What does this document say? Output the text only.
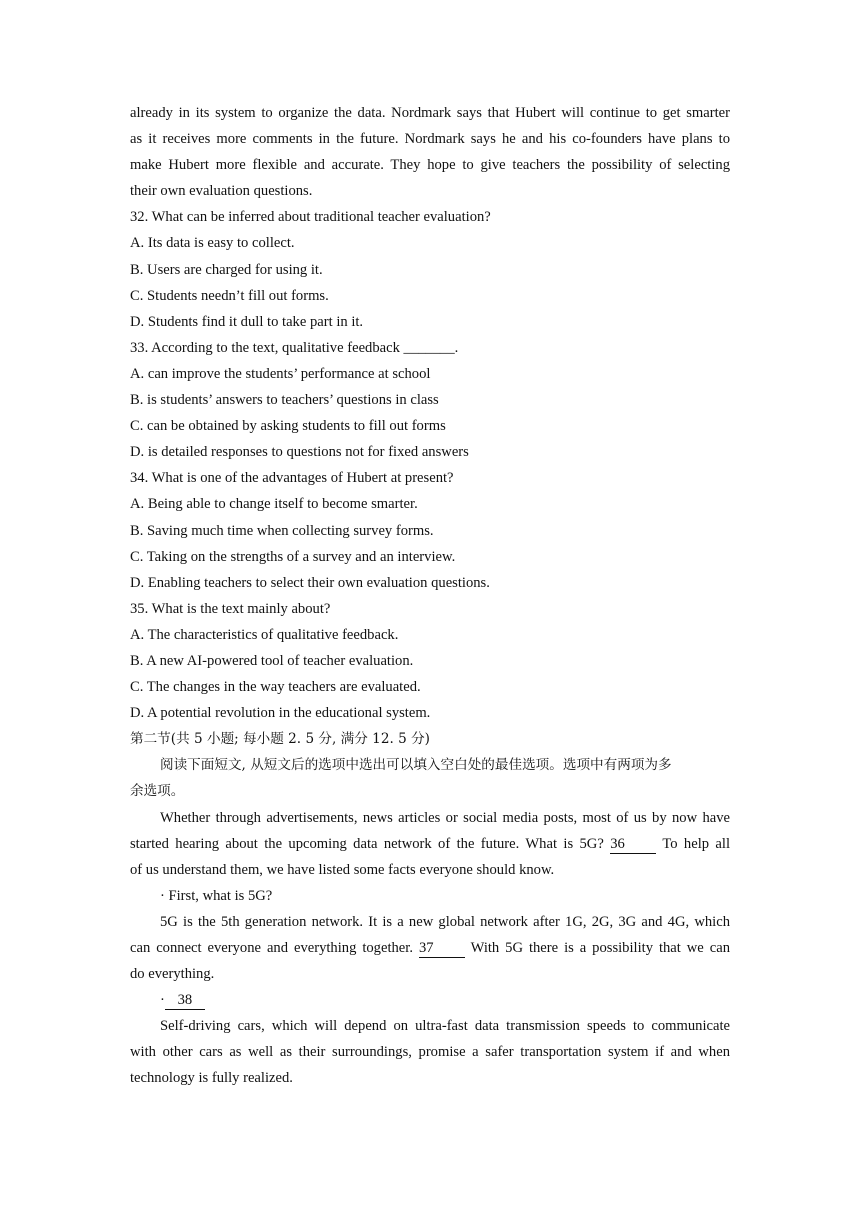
already in its system to organize the data. Nordmark says that Hubert will continue to get smarter
as it receives more comments in the future. Nordmark says he and his co-founders have plans to
make Hubert more flexible and accurate. They hope to give teachers the possibility of selecting
their own evaluation questions.
32. What can be inferred about traditional teacher evaluation?
A. Its data is easy to collect.
B. Users are charged for using it.
C. Students needn’t fill out forms.
D. Students find it dull to take part in it.
33. According to the text, qualitative feedback _______.
A. can improve the students’ performance at school
B. is students’ answers to teachers’ questions in class
C. can be obtained by asking students to fill out forms
D. is detailed responses to questions not for fixed answers
34. What is one of the advantages of Hubert at present?
A. Being able to change itself to become smarter.
B. Saving much time when collecting survey forms.
C. Taking on the strengths of a survey and an interview.
D. Enabling teachers to select their own evaluation questions.
35. What is the text mainly about?
A. The characteristics of qualitative feedback.
B. A new AI-powered tool of teacher evaluation.
C. The changes in the way teachers are evaluated.
D. A potential revolution in the educational system.
第二节(共 5 小题; 每小题 2. 5 分, 满分 12. 5 分)
阅读下面短文, 从短文后的选项中选出可以填入空白处的最佳选项。选项中有两项为多
余选项。
Whether through advertisements, news articles or social media posts, most of us by now have
started hearing about the upcoming data network of the future. What is 5G? 36	To help all
of us understand them, we have listed some facts everyone should know.
· First, what is 5G?
5G is the 5th generation network. It is a new global network after 1G, 2G, 3G and 4G, which
can connect everyone and everything together. 37	With 5G there is a possibility that we can
do everything.
· 38
Self-driving cars, which will depend on ultra-fast data transmission speeds to communicate
with other cars as well as their surroundings, promise a safer transportation system if and when
technology is fully realized.
